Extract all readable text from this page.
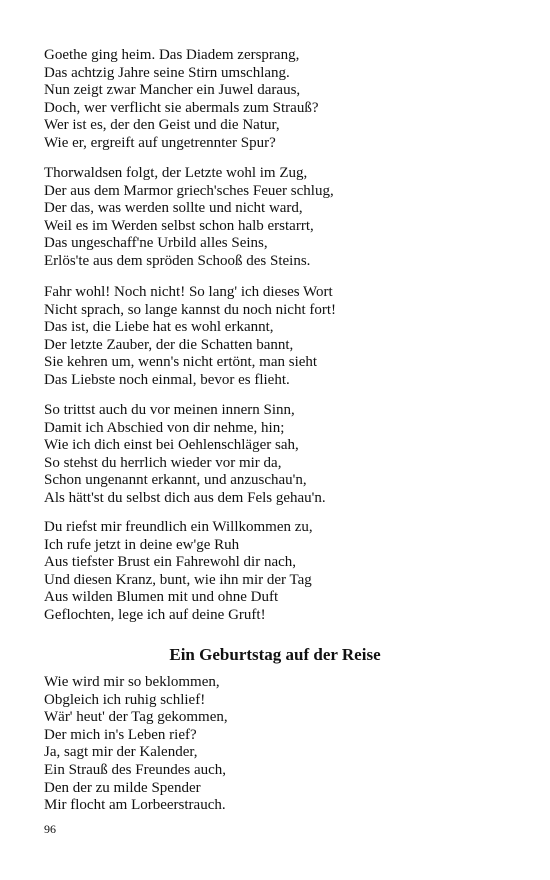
Goethe ging heim. Das Diadem zersprang,
Das achtzig Jahre seine Stirn umschlang.
Nun zeigt zwar Mancher ein Juwel daraus,
Doch, wer verflicht sie abermals zum Strauß?
Wer ist es, der den Geist und die Natur,
Wie er, ergreift auf ungetrennter Spur?
Thorwaldsen folgt, der Letzte wohl im Zug,
Der aus dem Marmor griech'sches Feuer schlug,
Der das, was werden sollte und nicht ward,
Weil es im Werden selbst schon halb erstarrt,
Das ungeschaff'ne Urbild alles Seins,
Erlös'te aus dem spröden Schooß des Steins.
Fahr wohl! Noch nicht! So lang' ich dieses Wort
Nicht sprach, so lange kannst du noch nicht fort!
Das ist, die Liebe hat es wohl erkannt,
Der letzte Zauber, der die Schatten bannt,
Sie kehren um, wenn's nicht ertönt, man sieht
Das Liebste noch einmal, bevor es flieht.
So trittst auch du vor meinen innern Sinn,
Damit ich Abschied von dir nehme, hin;
Wie ich dich einst bei Oehlenschläger sah,
So stehst du herrlich wieder vor mir da,
Schon ungenannt erkannt, und anzuschau'n,
Als hätt'st du selbst dich aus dem Fels gehau'n.
Du riefst mir freundlich ein Willkommen zu,
Ich rufe jetzt in deine ew'ge Ruh
Aus tiefster Brust ein Fahrewohl dir nach,
Und diesen Kranz, bunt, wie ihn mir der Tag
Aus wilden Blumen mit und ohne Duft
Geflochten, lege ich auf deine Gruft!
Ein Geburtstag auf der Reise
Wie wird mir so beklommen,
Obgleich ich ruhig schlief!
Wär' heut' der Tag gekommen,
Der mich in's Leben rief?
Ja, sagt mir der Kalender,
Ein Strauß des Freundes auch,
Den der zu milde Spender
Mir flocht am Lorbeerstrauch.
96
